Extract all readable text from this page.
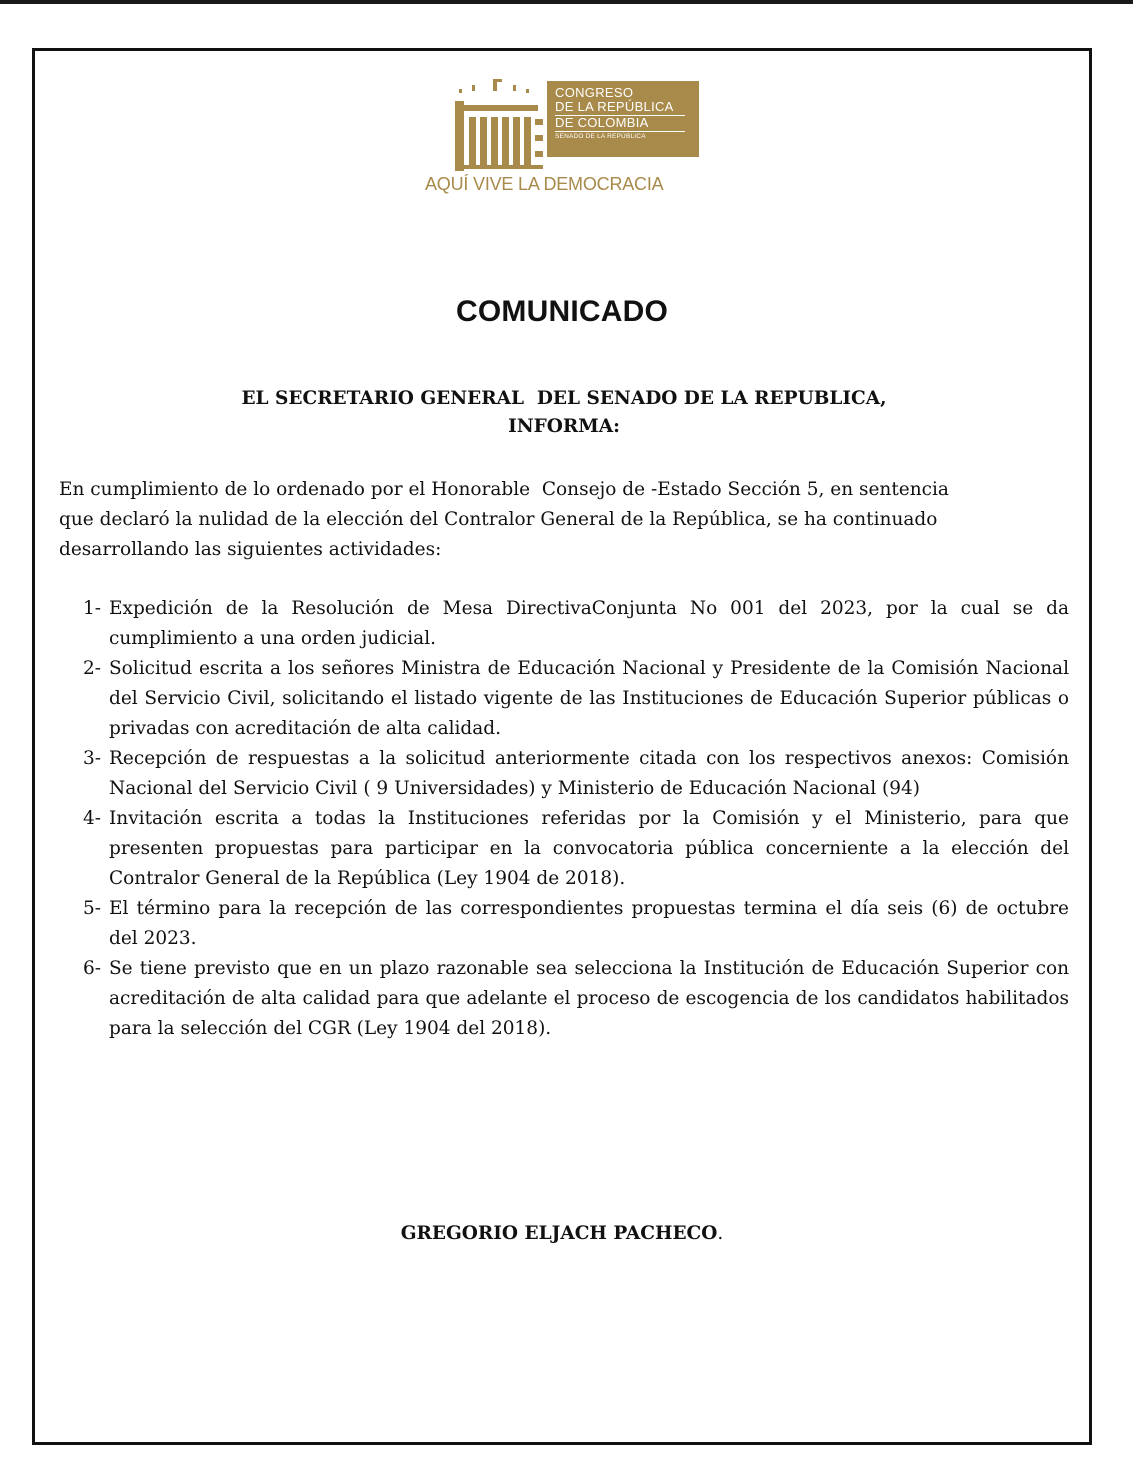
CONGRESO
DE LA REPÚBLICA
DE COLOMBIA
SENADO DE LA REPÚBLICA
AQUÍ VIVE LA DEMOCRACIA
COMUNICADO
EL SECRETARIO GENERAL  DEL SENADO DE LA REPUBLICA,
INFORMA:
En cumplimiento de lo ordenado por el Honorable  Consejo de -Estado Sección 5, en sentencia
que declaró la nulidad de la elección del Contralor General de la República, se ha continuado
desarrollando las siguientes actividades:
1- Expedición de la Resolución de Mesa DirectivaConjunta No 001 del 2023, por la cual se da cumplimiento a una orden judicial.
2- Solicitud escrita a los señores Ministra de Educación Nacional y Presidente de la Comisión Nacional del Servicio Civil, solicitando el listado vigente de las Instituciones de Educación Superior públicas o privadas con acreditación de alta calidad.
3- Recepción de respuestas a la solicitud anteriormente citada con los respectivos anexos: Comisión Nacional del Servicio Civil ( 9 Universidades) y Ministerio de Educación Nacional (94)
4- Invitación escrita a todas la Instituciones referidas por la Comisión y el Ministerio, para que presenten propuestas para participar en la convocatoria pública concerniente a la elección del Contralor General de la República (Ley 1904 de 2018).
5- El término para la recepción de las correspondientes propuestas termina el día seis (6) de octubre del 2023.
6- Se tiene previsto que en un plazo razonable sea selecciona la Institución de Educación Superior con acreditación de alta calidad para que adelante el proceso de escogencia de los candidatos habilitados para la selección del CGR (Ley 1904 del 2018).
GREGORIO ELJACH PACHECO.
